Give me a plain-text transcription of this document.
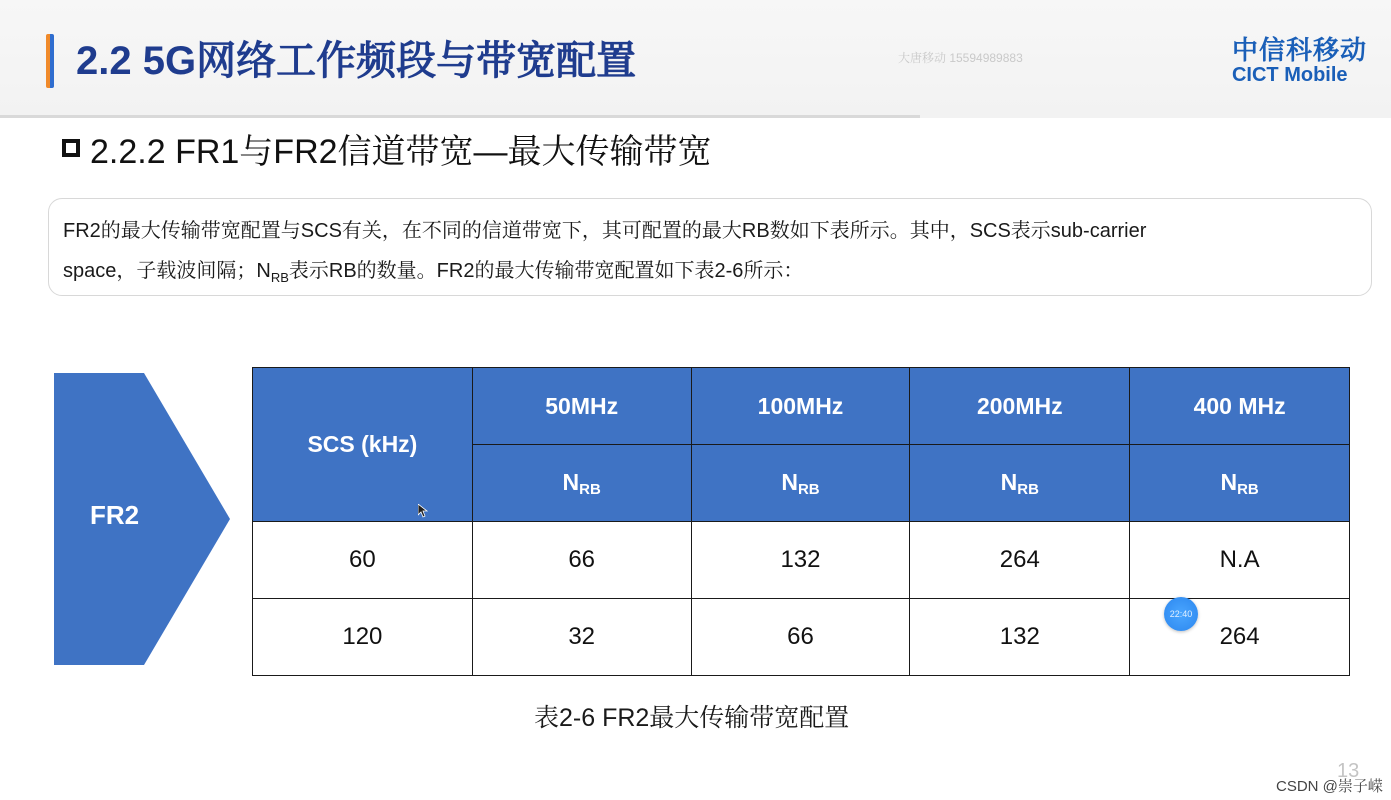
2.2 5G网络工作频段与带宽配置	大唐移动 15594989883	中信科移动
CICT Mobile
2.2.2 FR1与FR2信道带宽—最大传输带宽
FR2的最大传输带宽配置与SCS有关，在不同的信道带宽下，其可配置的最大RB数如下表所示。其中，SCS表示sub-carrier
space，子载波间隔；$N_{RB}$表示RB的数量。FR2的最大传输带宽配置如下表2-6所示：
FR2
SCS (kHz)	50MHz	100MHz	200MHz	400 MHz
	NRB	NRB	NRB	NRB
60	66	132	264	N.A
120	32	66	132	264
22:40
表2-6 FR2最大传输带宽配置
13
CSDN @崇子嵘
